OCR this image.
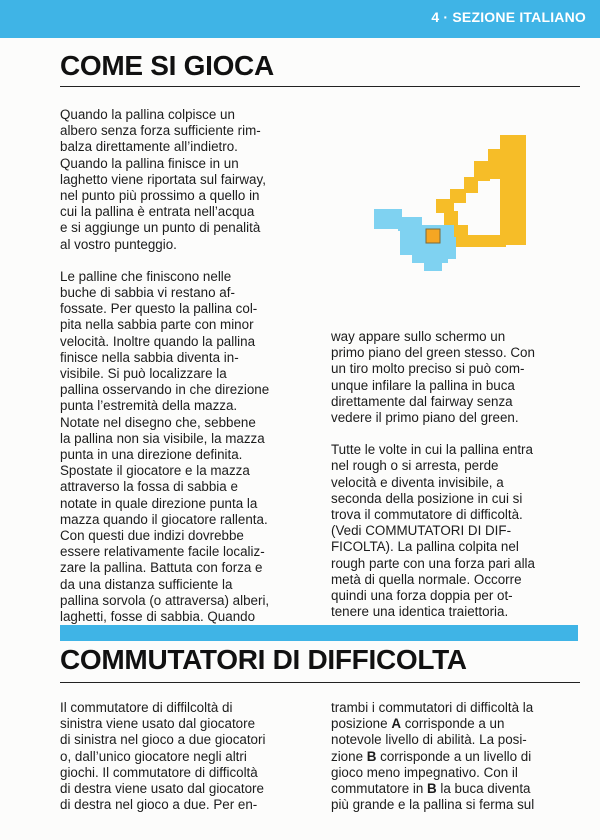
4 · SEZIONE ITALIANO
COME SI GIOCA

Quando la pallina colpisce un
albero senza forza sufficiente rim-
balza direttamente all’indietro.
Quando la pallina finisce in un
laghetto viene riportata sul fairway,
nel punto più prossimo a quello in
cui la pallina è entrata nell’acqua
e si aggiunge un punto di penalità
al vostro punteggio.

Le palline che finiscono nelle
buche di sabbia vi restano af-
fossate. Per questo la pallina col-
pita nella sabbia parte con minor
velocità. Inoltre quando la pallina
finisce nella sabbia diventa in-
visibile. Si può localizzare la
pallina osservando in che direzione
punta l’estremità della mazza.
Notate nel disegno che, sebbene
la pallina non sia visibile, la mazza
punta in una direzione definita.
Spostate il giocatore e la mazza
attraverso la fossa di sabbia e
notate in quale direzione punta la
mazza quando il giocatore rallenta.
Con questi due indizi dovrebbe
essere relativamente facile localiz-
zare la pallina. Battuta con forza e
da una distanza sufficiente la
pallina sorvola (o attraversa) alberi,
laghetti, fosse di sabbia. Quando

way appare sullo schermo un
primo piano del green stesso. Con
un tiro molto preciso si può com-
unque infilare la pallina in buca
direttamente dal fairway senza
vedere il primo piano del green.

Tutte le volte in cui la pallina entra
nel rough o si arresta, perde
velocità e diventa invisibile, a
seconda della posizione in cui si
trova il commutatore di difficoltà.
(Vedi COMMUTATORI DI DIF-
FICOLTA). La pallina colpita nel
rough parte con una forza pari alla
metà di quella normale. Occorre
quindi una forza doppia per ot-
tenere una identica traiettoria.

COMMUTATORI DI DIFFICOLTA

Il commutatore di diffilcoltà di
sinistra viene usato dal giocatore
di sinistra nel gioco a due giocatori
o, dall’unico giocatore negli altri
giochi. Il commutatore di difficoltà
di destra viene usato dal giocatore
di destra nel gioco a due. Per en-

trambi i commutatori di difficoltà la
posizione A corrisponde a un
notevole livello di abilità. La posi-
zione B corrisponde a un livello di
gioco meno impegnativo. Con il
commutatore in B la buca diventa
più grande e la pallina si ferma sul
